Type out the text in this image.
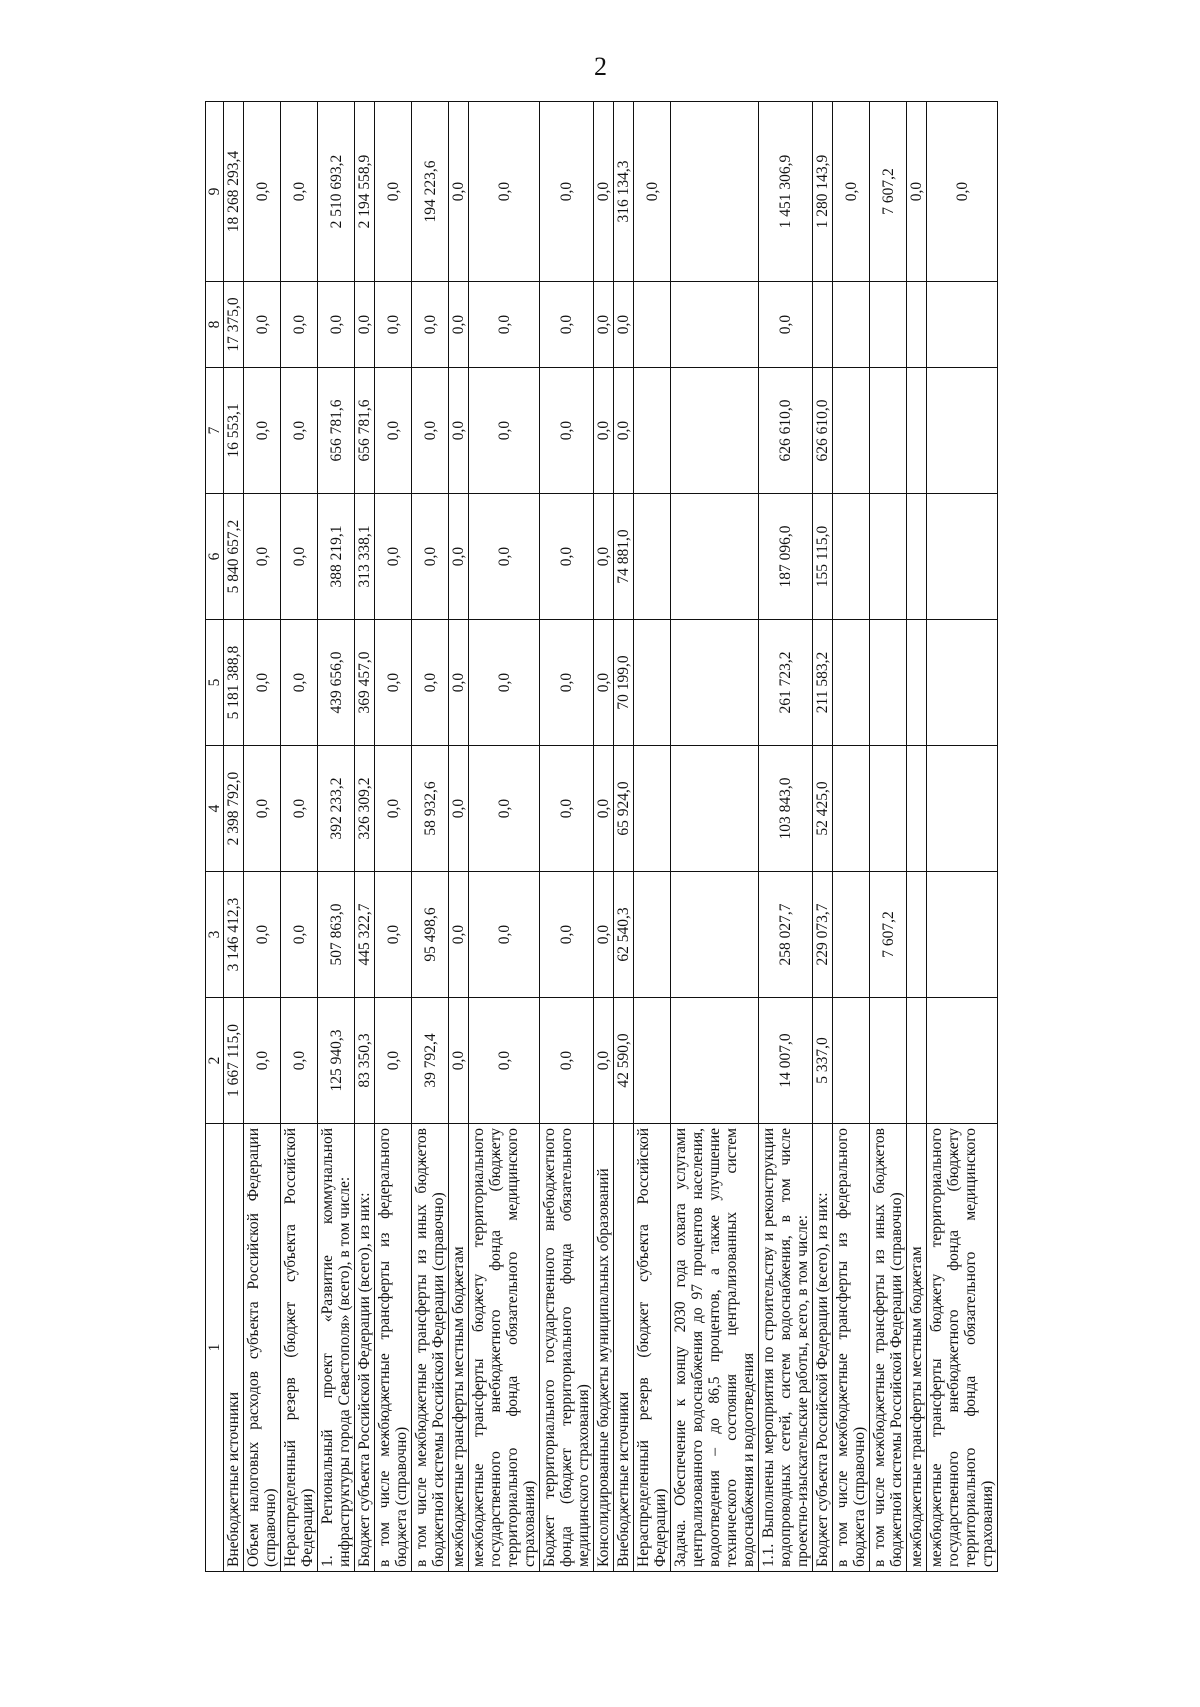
2
1	2	3	4	5	6	7	8	9
Внебюджетные источники	1 667 115,0	3 146 412,3	2 398 792,0	5 181 388,8	5 840 657,2	16 553,1	17 375,0	18 268 293,4
Объем налоговых расходов субъекта Российской Федерации (справочно)	0,0	0,0	0,0	0,0	0,0	0,0	0,0	0,0
Нераспределенный резерв (бюджет субъекта Российской Федерации)	0,0	0,0	0,0	0,0	0,0	0,0	0,0	0,0
1. Региональный проект «Развитие коммунальной инфраструктуры города Севастополя» (всего), в том числе:	125 940,3	507 863,0	392 233,2	439 656,0	388 219,1	656 781,6	0,0	2 510 693,2
Бюджет субъекта Российской Федерации (всего), из них:	83 350,3	445 322,7	326 309,2	369 457,0	313 338,1	656 781,6	0,0	2 194 558,9
в том числе межбюджетные трансферты из федерального бюджета (справочно)	0,0	0,0	0,0	0,0	0,0	0,0	0,0	0,0
в том числе межбюджетные трансферты из иных бюджетов бюджетной системы Российской Федерации (справочно)	39 792,4	95 498,6	58 932,6	0,0	0,0	0,0	0,0	194 223,6
межбюджетные трансферты местным бюджетам	0,0	0,0	0,0	0,0	0,0	0,0	0,0	0,0
межбюджетные трансферты бюджету территориального государственного внебюджетного фонда (бюджету территориального фонда обязательного медицинского страхования)	0,0	0,0	0,0	0,0	0,0	0,0	0,0	0,0
Бюджет территориального государственного внебюджетного фонда (бюджет территориального фонда обязательного медицинского страхования)	0,0	0,0	0,0	0,0	0,0	0,0	0,0	0,0
Консолидированные бюджеты муниципальных образований	0,0	0,0	0,0	0,0	0,0	0,0	0,0	0,0
Внебюджетные источники	42 590,0	62 540,3	65 924,0	70 199,0	74 881,0	0,0	0,0	316 134,3
Нераспределенный резерв (бюджет субъекта Российской Федерации)								0,0
Задача. Обеспечение к концу 2030 года охвата услугами централизованного водоснабжения до 97 процентов населения, водоотведения – до 86,5 процентов, а также улучшение технического состояния централизованных систем водоснабжения и водоотведения								
1.1. Выполнены мероприятия по строительству и реконструкции водопроводных сетей, систем водоснабжения, в том числе проектно-изыскательские работы, всего, в том числе:	14 007,0	258 027,7	103 843,0	261 723,2	187 096,0	626 610,0	0,0	1 451 306,9
Бюджет субъекта Российской Федерации (всего), из них:	5 337,0	229 073,7	52 425,0	211 583,2	155 115,0	626 610,0		1 280 143,9
в том числе межбюджетные трансферты из федерального бюджета (справочно)								0,0
в том числе межбюджетные трансферты из иных бюджетов бюджетной системы Российской Федерации (справочно)		7 607,2						7 607,2
межбюджетные трансферты местным бюджетам								0,0
межбюджетные трансферты бюджету территориального государственного внебюджетного фонда (бюджету территориального фонда обязательного медицинского страхования)								0,0
